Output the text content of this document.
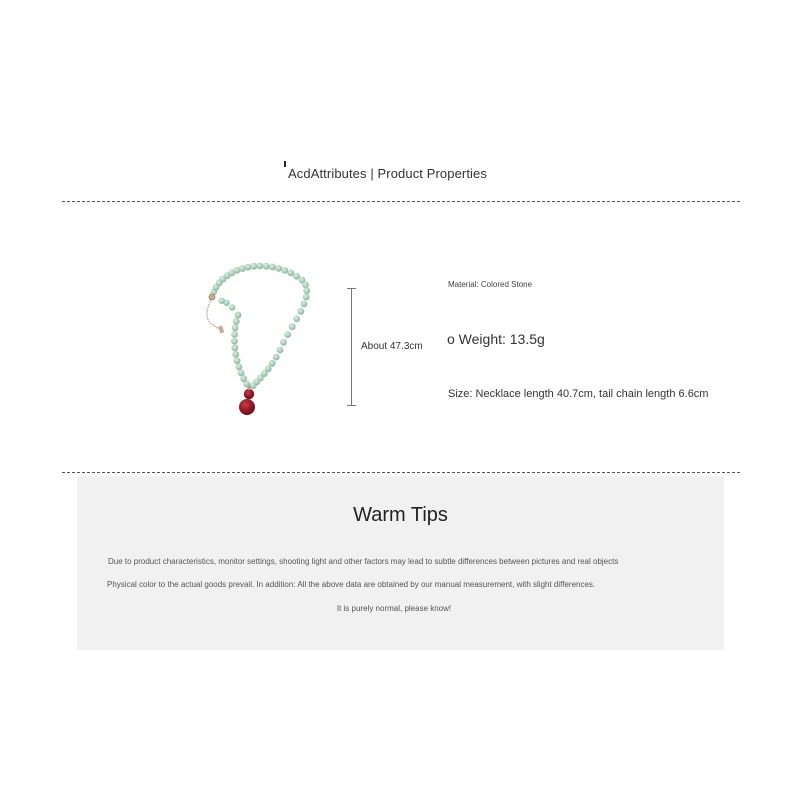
AcdAttributes | Product Properties
About 47.3cm
Material: Colored Stone
o Weight: 13.5g
Size: Necklace length 40.7cm, tail chain length 6.6cm
Warm Tips
Due to product characteristics, monitor settings, shooting light and other factors may lead to subtle differences between pictures and real objects
Physical color to the actual goods prevail. In addition: All the above data are obtained by our manual measurement, with slight differences.
It is purely normal, please know!
